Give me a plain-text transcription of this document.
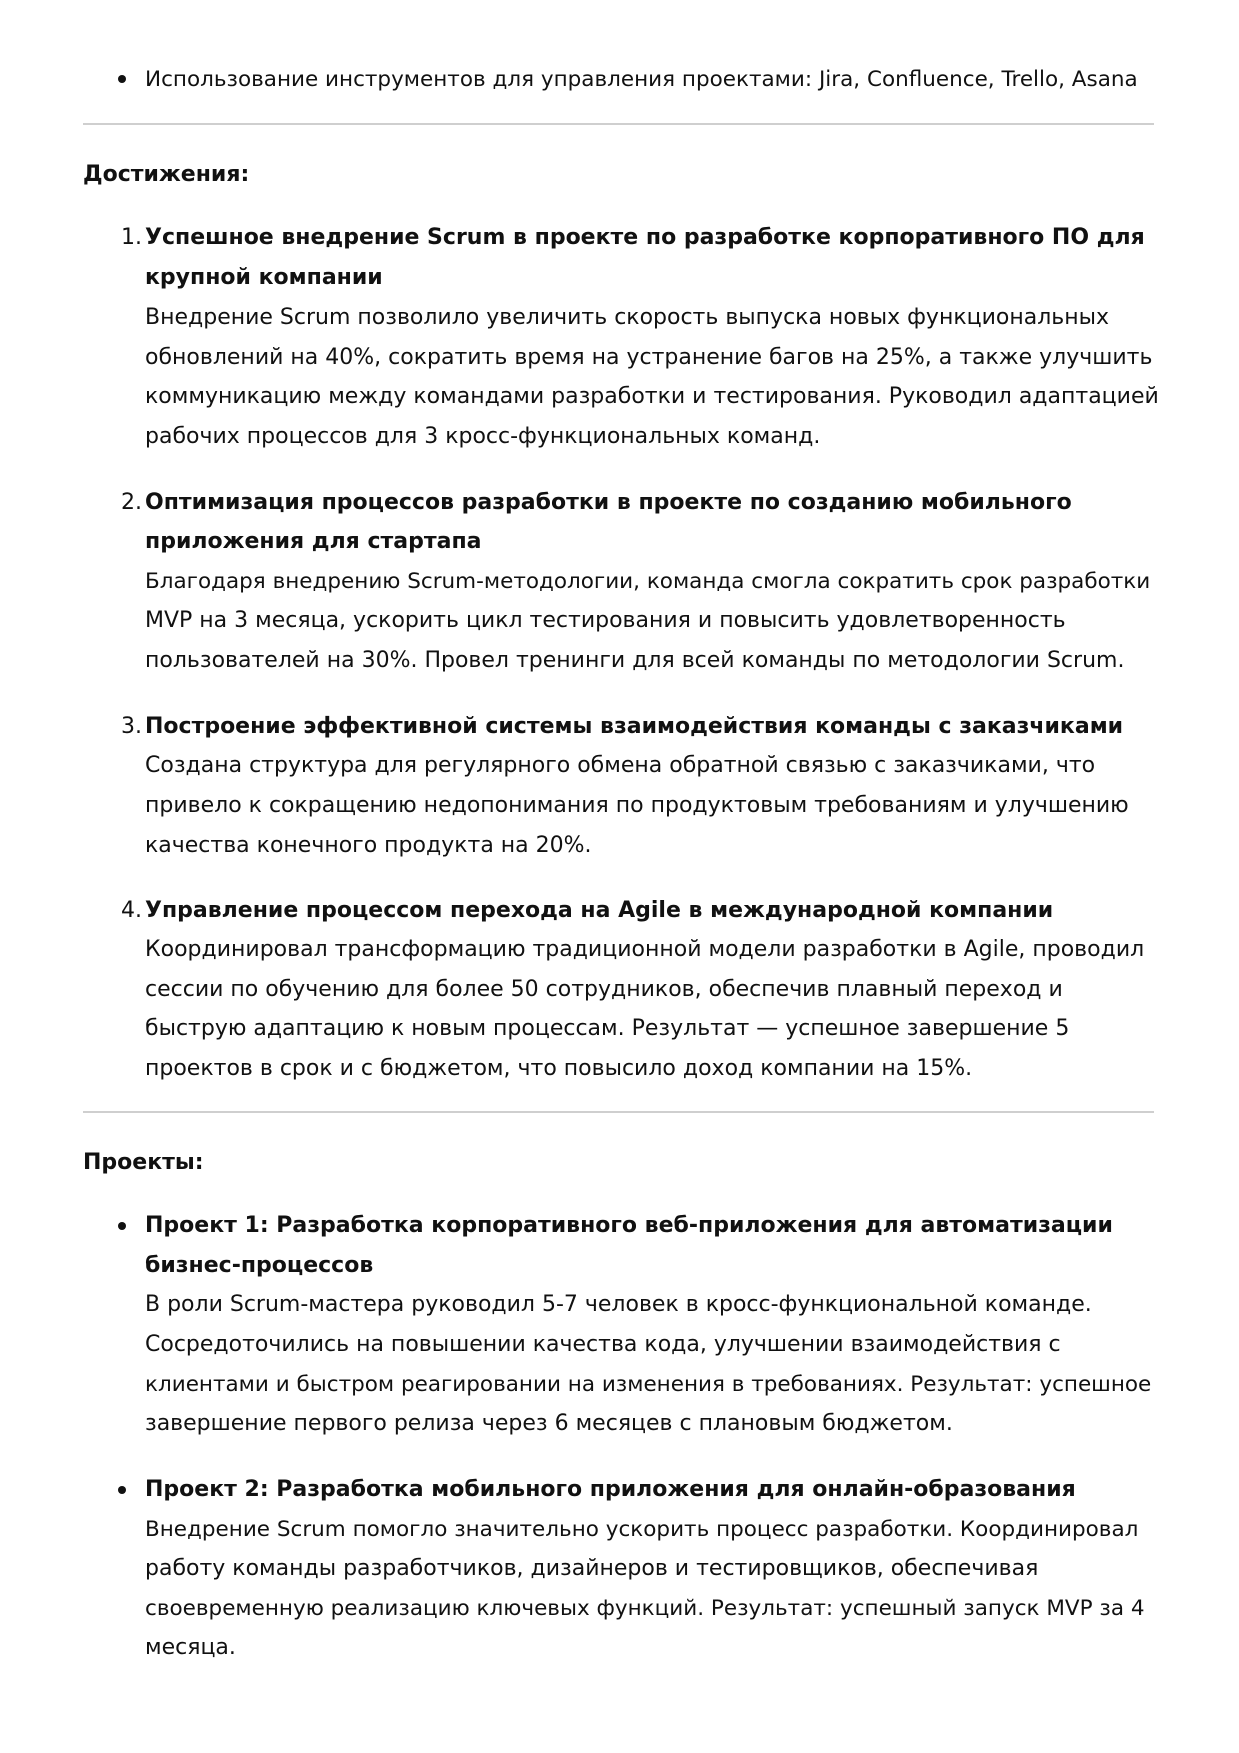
Использование инструментов для управления проектами: Jira, Confluence, Trello, Asana
Достижения:
1. Успешное внедрение Scrum в проекте по разработке корпоративного ПО для
крупной компании
Внедрение Scrum позволило увеличить скорость выпуска новых функциональных
обновлений на 40%, сократить время на устранение багов на 25%, а также улучшить
коммуникацию между командами разработки и тестирования. Руководил адаптацией
рабочих процессов для 3 кросс-функциональных команд.
2. Оптимизация процессов разработки в проекте по созданию мобильного
приложения для стартапа
Благодаря внедрению Scrum-методологии, команда смогла сократить срок разработки
MVP на 3 месяца, ускорить цикл тестирования и повысить удовлетворенность
пользователей на 30%. Провел тренинги для всей команды по методологии Scrum.
3. Построение эффективной системы взаимодействия команды с заказчиками
Создана структура для регулярного обмена обратной связью с заказчиками, что
привело к сокращению недопонимания по продуктовым требованиям и улучшению
качества конечного продукта на 20%.
4. Управление процессом перехода на Agile в международной компании
Координировал трансформацию традиционной модели разработки в Agile, проводил
сессии по обучению для более 50 сотрудников, обеспечив плавный переход и
быструю адаптацию к новым процессам. Результат — успешное завершение 5
проектов в срок и с бюджетом, что повысило доход компании на 15%.
Проекты:
Проект 1: Разработка корпоративного веб-приложения для автоматизации
бизнес-процессов
В роли Scrum-мастера руководил 5-7 человек в кросс-функциональной команде.
Сосредоточились на повышении качества кода, улучшении взаимодействия с
клиентами и быстром реагировании на изменения в требованиях. Результат: успешное
завершение первого релиза через 6 месяцев с плановым бюджетом.
Проект 2: Разработка мобильного приложения для онлайн-образования
Внедрение Scrum помогло значительно ускорить процесс разработки. Координировал
работу команды разработчиков, дизайнеров и тестировщиков, обеспечивая
своевременную реализацию ключевых функций. Результат: успешный запуск MVP за 4
месяца.
